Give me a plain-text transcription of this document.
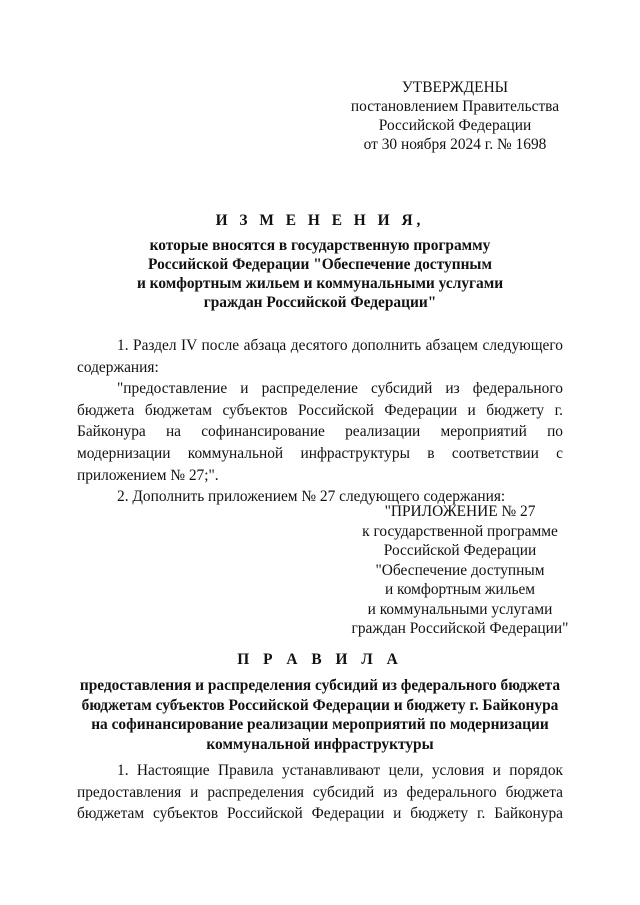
УТВЕРЖДЕНЫ
постановлением Правительства
Российской Федерации
от 30 ноября 2024 г. № 1698
И З М Е Н Е Н И Я,
которые вносятся в государственную программу
Российской Федерации "Обеспечение доступным
и комфортным жильем и коммунальными услугами
граждан Российской Федерации"
1. Раздел IV после абзаца десятого дополнить абзацем следующего содержания:
"предоставление и распределение субсидий из федерального бюджета бюджетам субъектов Российской Федерации и бюджету г. Байконура на софинансирование реализации мероприятий по модернизации коммунальной инфраструктуры в соответствии с приложением № 27;".
2. Дополнить приложением № 27 следующего содержания:
"ПРИЛОЖЕНИЕ № 27
к государственной программе
Российской Федерации
"Обеспечение доступным
и комфортным жильем
и коммунальными услугами
граждан Российской Федерации"
П Р А В И Л А
предоставления и распределения субсидий из федерального бюджета
бюджетам субъектов Российской Федерации и бюджету г. Байконура
на софинансирование реализации мероприятий по модернизации
коммунальной инфраструктуры
1. Настоящие Правила устанавливают цели, условия и порядок предоставления и распределения субсидий из федерального бюджета бюджетам субъектов Российской Федерации и бюджету г. Байконура
